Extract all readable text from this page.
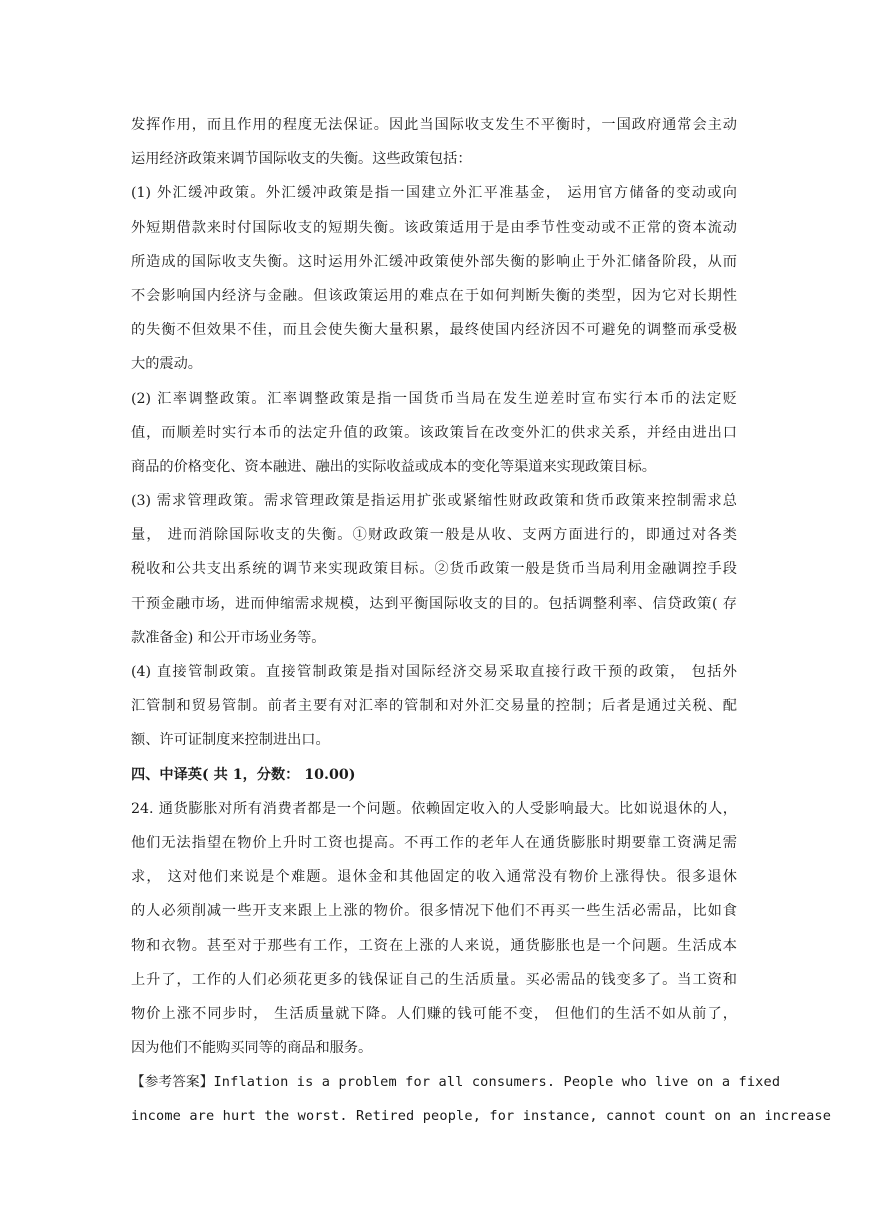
发挥作用，而且作用的程度无法保证。因此当国际收支发生不平衡时，一国政府通常会主动
运用经济政策来调节国际收支的失衡。这些政策包括：
(1) 外汇缓冲政策。外汇缓冲政策是指一国建立外汇平准基金， 运用官方储备的变动或向
外短期借款来时付国际收支的短期失衡。该政策适用于是由季节性变动或不正常的资本流动
所造成的国际收支失衡。这时运用外汇缓冲政策使外部失衡的影响止于外汇储备阶段，从而
不会影响国内经济与金融。但该政策运用的难点在于如何判断失衡的类型，因为它对长期性
的失衡不但效果不佳，而且会使失衡大量积累，最终使国内经济因不可避免的调整而承受极
大的震动。
(2) 汇率调整政策。汇率调整政策是指一国货币当局在发生逆差时宣布实行本币的法定贬
值，而顺差时实行本币的法定升值的政策。该政策旨在改变外汇的供求关系，并经由进出口
商品的价格变化、资本融进、融出的实际收益或成本的变化等渠道来实现政策目标。
(3) 需求管理政策。需求管理政策是指运用扩张或紧缩性财政政策和货币政策来控制需求总
量， 进而消除国际收支的失衡。①财政政策一般是从收、支两方面进行的，即通过对各类
税收和公共支出系统的调节来实现政策目标。②货币政策一般是货币当局利用金融调控手段
干预金融市场，进而伸缩需求规模，达到平衡国际收支的目的。包括调整利率、信贷政策( 存
款准备金) 和公开市场业务等。
(4) 直接管制政策。直接管制政策是指对国际经济交易采取直接行政干预的政策， 包括外
汇管制和贸易管制。前者主要有对汇率的管制和对外汇交易量的控制；后者是通过关税、配
额、许可证制度来控制进出口。
四、中译英( 共 1，分数： 10.00)
24. 通货膨胀对所有消费者都是一个问题。依赖固定收入的人受影响最大。比如说退休的人，
他们无法指望在物价上升时工资也提高。不再工作的老年人在通货膨胀时期要靠工资满足需
求， 这对他们来说是个难题。退休金和其他固定的收入通常没有物价上涨得快。很多退休
的人必须削减一些开支来跟上上涨的物价。很多情况下他们不再买一些生活必需品，比如食
物和衣物。甚至对于那些有工作，工资在上涨的人来说，通货膨胀也是一个问题。生活成本
上升了，工作的人们必须花更多的钱保证自己的生活质量。买必需品的钱变多了。当工资和
物价上涨不同步时， 生活质量就下降。人们赚的钱可能不变， 但他们的生活不如从前了，
因为他们不能购买同等的商品和服务。
【参考答案】Inflation is a problem for all consumers. People who live on a fixed
income are hurt the worst. Retired people, for instance, cannot count on an increase
